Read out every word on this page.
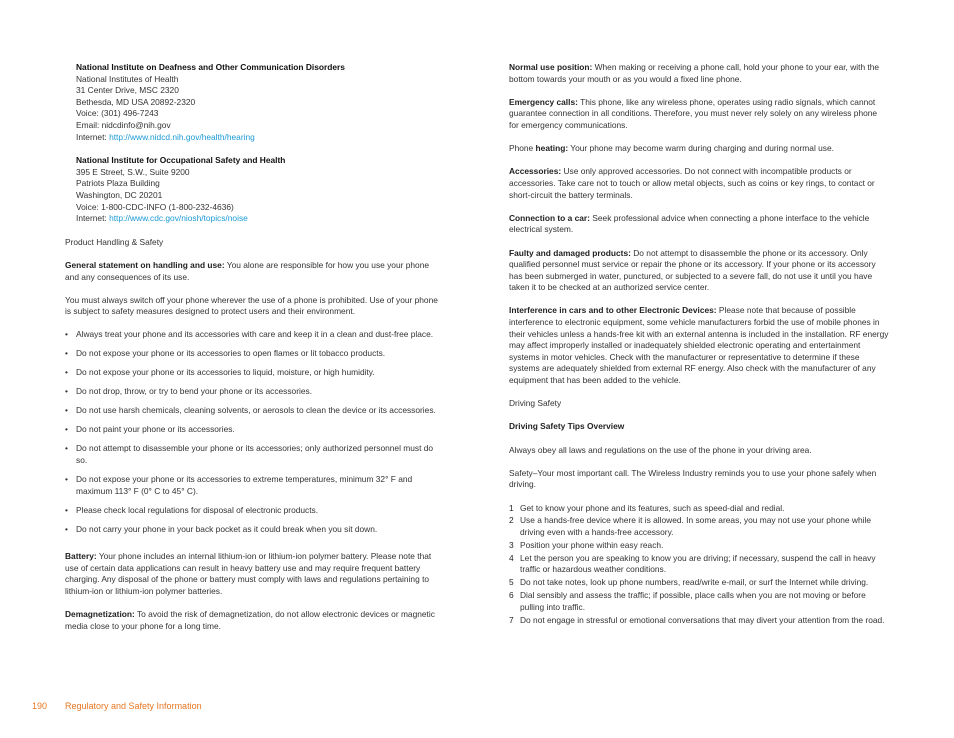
National Institute on Deafness and Other Communication Disorders
National Institutes of Health
31 Center Drive, MSC 2320
Bethesda, MD USA 20892-2320
Voice: (301) 496-7243
Email: nidcdinfo@nih.gov
Internet: http://www.nidcd.nih.gov/health/hearing
National Institute for Occupational Safety and Health
395 E Street, S.W., Suite 9200
Patriots Plaza Building
Washington, DC 20201
Voice: 1-800-CDC-INFO (1-800-232-4636)
Internet: http://www.cdc.gov/niosh/topics/noise

Product Handling & Safety

General statement on handling and use: You alone are responsible for how you use your phone and any consequences of its use.

You must always switch off your phone wherever the use of a phone is prohibited. Use of your phone is subject to safety measures designed to protect users and their environment.

• Always treat your phone and its accessories with care and keep it in a clean and dust-free place.
• Do not expose your phone or its accessories to open flames or lit tobacco products.
• Do not expose your phone or its accessories to liquid, moisture, or high humidity.
• Do not drop, throw, or try to bend your phone or its accessories.
• Do not use harsh chemicals, cleaning solvents, or aerosols to clean the device or its accessories.
• Do not paint your phone or its accessories.
• Do not attempt to disassemble your phone or its accessories; only authorized personnel must do so.
• Do not expose your phone or its accessories to extreme temperatures, minimum 32° F and maximum 113° F (0° C to 45° C).
• Please check local regulations for disposal of electronic products.
• Do not carry your phone in your back pocket as it could break when you sit down.

Battery: Your phone includes an internal lithium-ion or lithium-ion polymer battery. Please note that use of certain data applications can result in heavy battery use and may require frequent battery charging. Any disposal of the phone or battery must comply with laws and regulations pertaining to lithium-ion or lithium-ion polymer batteries.

Demagnetization: To avoid the risk of demagnetization, do not allow electronic devices or magnetic media close to your phone for a long time.

Normal use position: When making or receiving a phone call, hold your phone to your ear, with the bottom towards your mouth or as you would a fixed line phone.

Emergency calls: This phone, like any wireless phone, operates using radio signals, which cannot guarantee connection in all conditions. Therefore, you must never rely solely on any wireless phone for emergency communications.

Phone heating: Your phone may become warm during charging and during normal use.

Accessories: Use only approved accessories. Do not connect with incompatible products or accessories. Take care not to touch or allow metal objects, such as coins or key rings, to contact or short-circuit the battery terminals.

Connection to a car: Seek professional advice when connecting a phone interface to the vehicle electrical system.

Faulty and damaged products: Do not attempt to disassemble the phone or its accessory. Only qualified personnel must service or repair the phone or its accessory. If your phone or its accessory has been submerged in water, punctured, or subjected to a severe fall, do not use it until you have taken it to be checked at an authorized service center.

Interference in cars and to other Electronic Devices: Please note that because of possible interference to electronic equipment, some vehicle manufacturers forbid the use of mobile phones in their vehicles unless a hands-free kit with an external antenna is included in the installation. RF energy may affect improperly installed or inadequately shielded electronic operating and entertainment systems in motor vehicles. Check with the manufacturer or representative to determine if these systems are adequately shielded from external RF energy. Also check with the manufacturer of any equipment that has been added to the vehicle.

Driving Safety

Driving Safety Tips Overview

Always obey all laws and regulations on the use of the phone in your driving area.

Safety–Your most important call. The Wireless Industry reminds you to use your phone safely when driving.

1 Get to know your phone and its features, such as speed-dial and redial.
2 Use a hands-free device where it is allowed. In some areas, you may not use your phone while driving even with a hands-free accessory.
3 Position your phone within easy reach.
4 Let the person you are speaking to know you are driving; if necessary, suspend the call in heavy traffic or hazardous weather conditions.
5 Do not take notes, look up phone numbers, read/write e-mail, or surf the Internet while driving.
6 Dial sensibly and assess the traffic; if possible, place calls when you are not moving or before pulling into traffic.
7 Do not engage in stressful or emotional conversations that may divert your attention from the road.
190 Regulatory and Safety Information
